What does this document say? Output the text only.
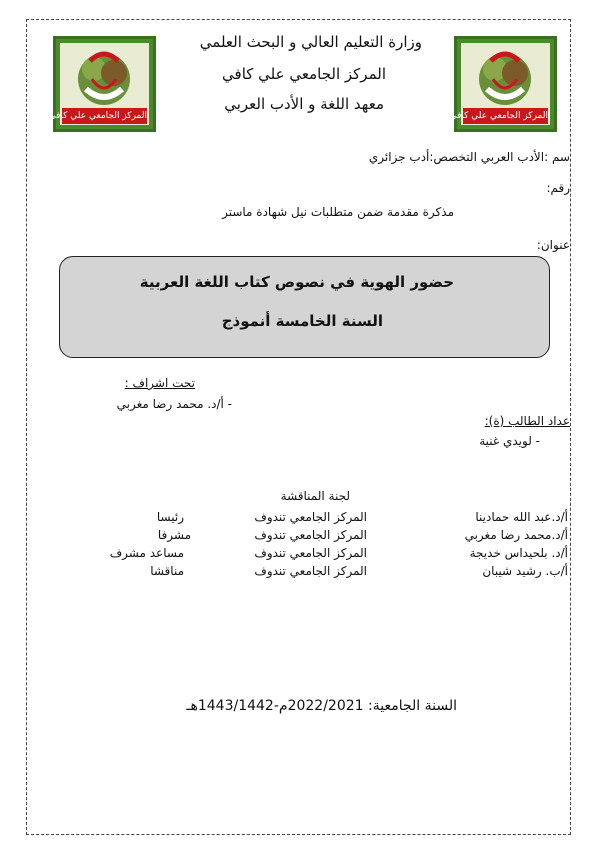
المركز الجامعي علي كافي تندوف	المركز الجامعي علي كافي تندوف
وزارة التعليم العالي و البحث العلمي
المركز الجامعي علي كافي
معهد اللغة و الأدب العربي
سم :الأدب العربي التخصص:أدب جزائري
رقم:
مذكرة مقدمة ضمن متطلبات نيل شهادة ماستر
عنوان:
حضور الهوية في نصوص كتاب اللغة العربية
السنة الخامسة أنموذج
تحت اشراف :
- أ/د. محمد رضا مغربي
عداد الطالب (ة):
- لويدي غنية
لجنة المناقشة
أ/د.عبد الله حمادينا
المركز الجامعي تندوف
رئيسا
أ/د.محمد رضا مغربي
المركز الجامعي تندوف
مشرفا
أ/د. بلحيداس خديجة
المركز الجامعي تندوف
مساعد مشرف
أ/ب. رشيد شيبان
المركز الجامعي تندوف
مناقشا
السنة الجامعية: 2022/2021م-1443/1442هـ
